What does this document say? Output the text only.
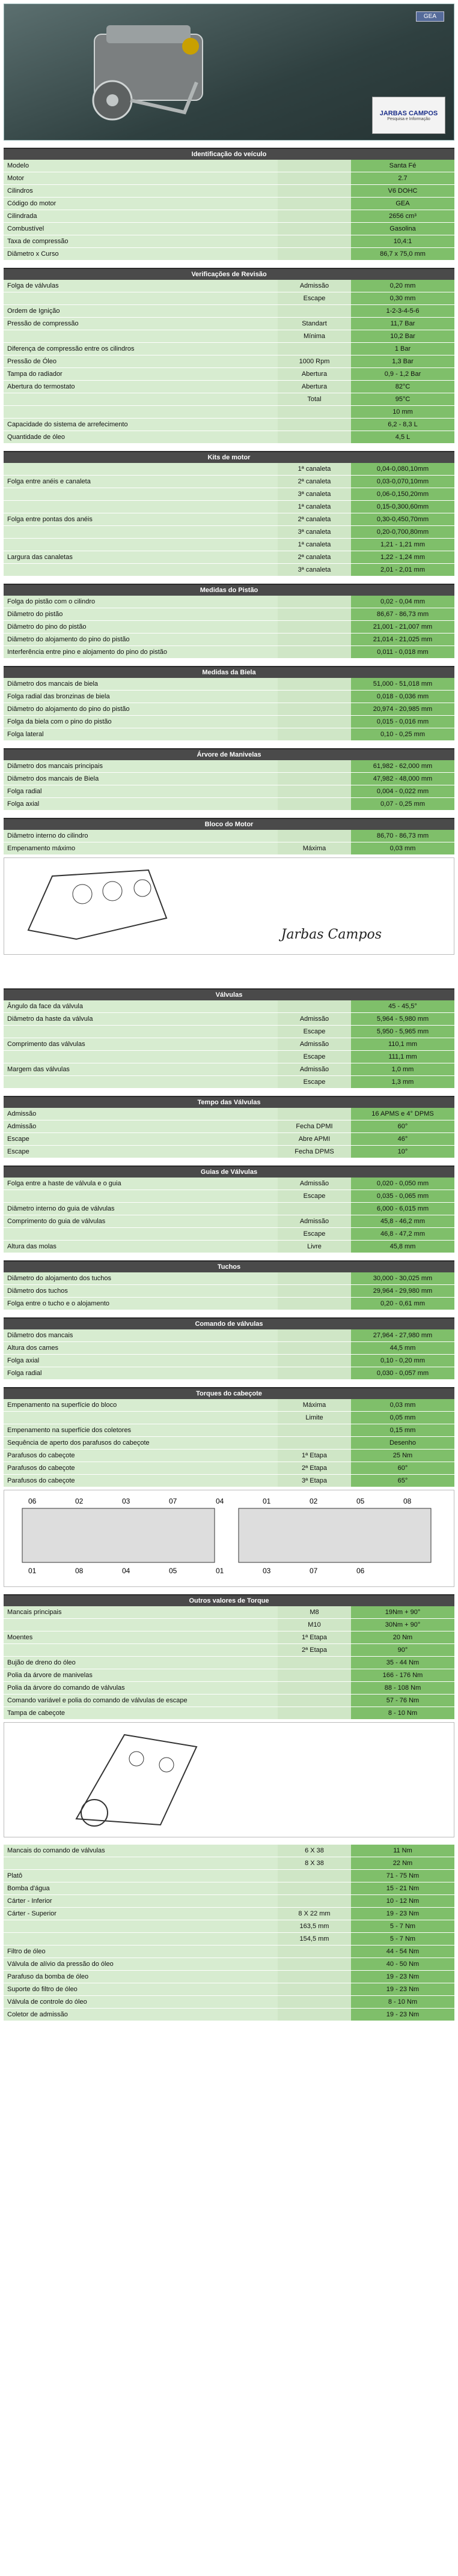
GEA
JARBAS CAMPOS
Pesquisa e Informação
Identificação do veículo
Modelo		Santa Fé
Motor		2.7
Cilindros		V6 DOHC
Código do motor		GEA
Cilindrada		2656 cm³
Combustível		Gasolina
Taxa de compressão		10,4:1
Diâmetro x Curso		86,7 x 75,0 mm
Verificações de Revisão
Folga de válvulas	Admissão	0,20 mm
	Escape	0,30 mm
Ordem de Ignição		1-2-3-4-5-6
Pressão de compressão	Standart	11,7 Bar
	Mínima	10,2 Bar
Diferença de compressão entre os cilindros		1 Bar
Pressão de Óleo	1000 Rpm	1,3 Bar
Tampa do radiador	Abertura	0,9 - 1,2 Bar
Abertura do termostato	Abertura	82°C
	Total	95°C
		10 mm
Capacidade do sistema de arrefecimento		6,2 - 8,3 L
Quantidade de óleo		4,5 L
Kits de motor
	1ª canaleta	0,04-0,080,10mm
Folga entre anéis e canaleta	2ª canaleta	0,03-0,070,10mm
	3ª canaleta	0,06-0,150,20mm
	1ª canaleta	0,15-0,300,60mm
Folga entre pontas dos anéis	2ª canaleta	0,30-0,450,70mm
	3ª canaleta	0,20-0,700,80mm
	1ª canaleta	1,21 - 1,21 mm
Largura das canaletas	2ª canaleta	1,22 - 1,24 mm
	3ª canaleta	2,01 - 2,01 mm
Medidas do Pistão
Folga do pistão com o cilindro		0,02 - 0,04 mm
Diâmetro do pistão		86,67 - 86,73 mm
Diâmetro do pino do pistão		21,001 - 21,007 mm
Diâmetro do alojamento do pino do pistão		21,014 - 21,025 mm
Interferência entre pino e alojamento do pino do pistão		0,011 - 0,018 mm
Medidas da Biela
Diâmetro dos mancais de biela		51,000 - 51,018 mm
Folga radial das bronzinas de biela		0,018 - 0,036 mm
Diâmetro do alojamento do pino do pistão		20,974 - 20,985 mm
Folga da biela com o pino do pistão		0,015 - 0,016 mm
Folga lateral		0,10 - 0,25 mm
Árvore de Manivelas
Diâmetro dos mancais principais		61,982 - 62,000 mm
Diâmetro dos mancais de Biela		47,982 - 48,000 mm
Folga radial		0,004 - 0,022 mm
Folga axial		0,07 - 0,25 mm
Bloco do Motor
Diâmetro interno do cilindro		86,70 - 86,73 mm
Empenamento máximo	Máxima	0,03 mm
Jarbas Campos
Válvulas
Ângulo da face da válvula		45 - 45,5°
Diâmetro da haste da válvula	Admissão	5,964 - 5,980 mm
	Escape	5,950 - 5,965 mm
Comprimento das válvulas	Admissão	110,1 mm
	Escape	111,1 mm
Margem das válvulas	Admissão	1,0 mm
	Escape	1,3 mm
Tempo das Válvulas
Admissão		16 APMS e 4° DPMS
Admissão	Fecha DPMI	60°
Escape	Abre APMI	46°
Escape	Fecha DPMS	10°
Guias de Válvulas
Folga entre a haste de válvula e o guia	Admissão	0,020 - 0,050 mm
	Escape	0,035 - 0,065 mm
Diâmetro interno do guia de válvulas		6,000 - 6,015 mm
Comprimento do guia de válvulas	Admissão	45,8 - 46,2 mm
	Escape	46,8 - 47,2 mm
Altura das molas	Livre	45,8 mm
Tuchos
Diâmetro do alojamento dos tuchos		30,000 - 30,025 mm
Diâmetro dos tuchos		29,964 - 29,980 mm
Folga entre o tucho e o alojamento		0,20 - 0,61 mm
Comando de válvulas
Diâmetro dos mancais		27,964 - 27,980 mm
Altura dos cames		44,5 mm
Folga axial		0,10 - 0,20 mm
Folga radial		0,030 - 0,057 mm
Torques do cabeçote
Empenamento na superfície do bloco	Máxima	0,03 mm
	Limite	0,05 mm
Empenamento na superfície dos coletores		0,15 mm
Sequência de aperto dos parafusos do cabeçote		Desenho
Parafusos do cabeçote	1ª Etapa	25 Nm
Parafusos do cabeçote	2ª Etapa	60°
Parafusos do cabeçote	3ª Etapa	65°
06	02	03	07	04	01	02	05	08
01	08	04	05	01	03	07	06
Outros valores de Torque
Mancais principais	M8	19Nm + 90°
	M10	30Nm + 90°
Moentes	1ª Etapa	20 Nm
	2ª Etapa	90°
Bujão de dreno do óleo		35 - 44 Nm
Polia da árvore de manivelas		166 - 176 Nm
Polia da árvore do comando de válvulas		88 - 108 Nm
Comando variável e polia do comando de válvulas de escape		57 - 76 Nm
Tampa de cabeçote		8 - 10 Nm
Mancais do comando de válvulas	6 X 38	11 Nm
	8 X 38	22 Nm
Platô		71 - 75 Nm
Bomba d'água		15 - 21 Nm
Cárter - Inferior		10 - 12 Nm
Cárter - Superior	8 X 22 mm	19 - 23 Nm
	163,5 mm	5 - 7 Nm
	154,5 mm	5 - 7 Nm
Filtro de óleo		44 - 54 Nm
Válvula de alívio da pressão do óleo		40 - 50 Nm
Parafuso da bomba de óleo		19 - 23 Nm
Suporte do filtro de óleo		19 - 23 Nm
Válvula de controle do óleo		8 - 10 Nm
Coletor de admissão		19 - 23 Nm
